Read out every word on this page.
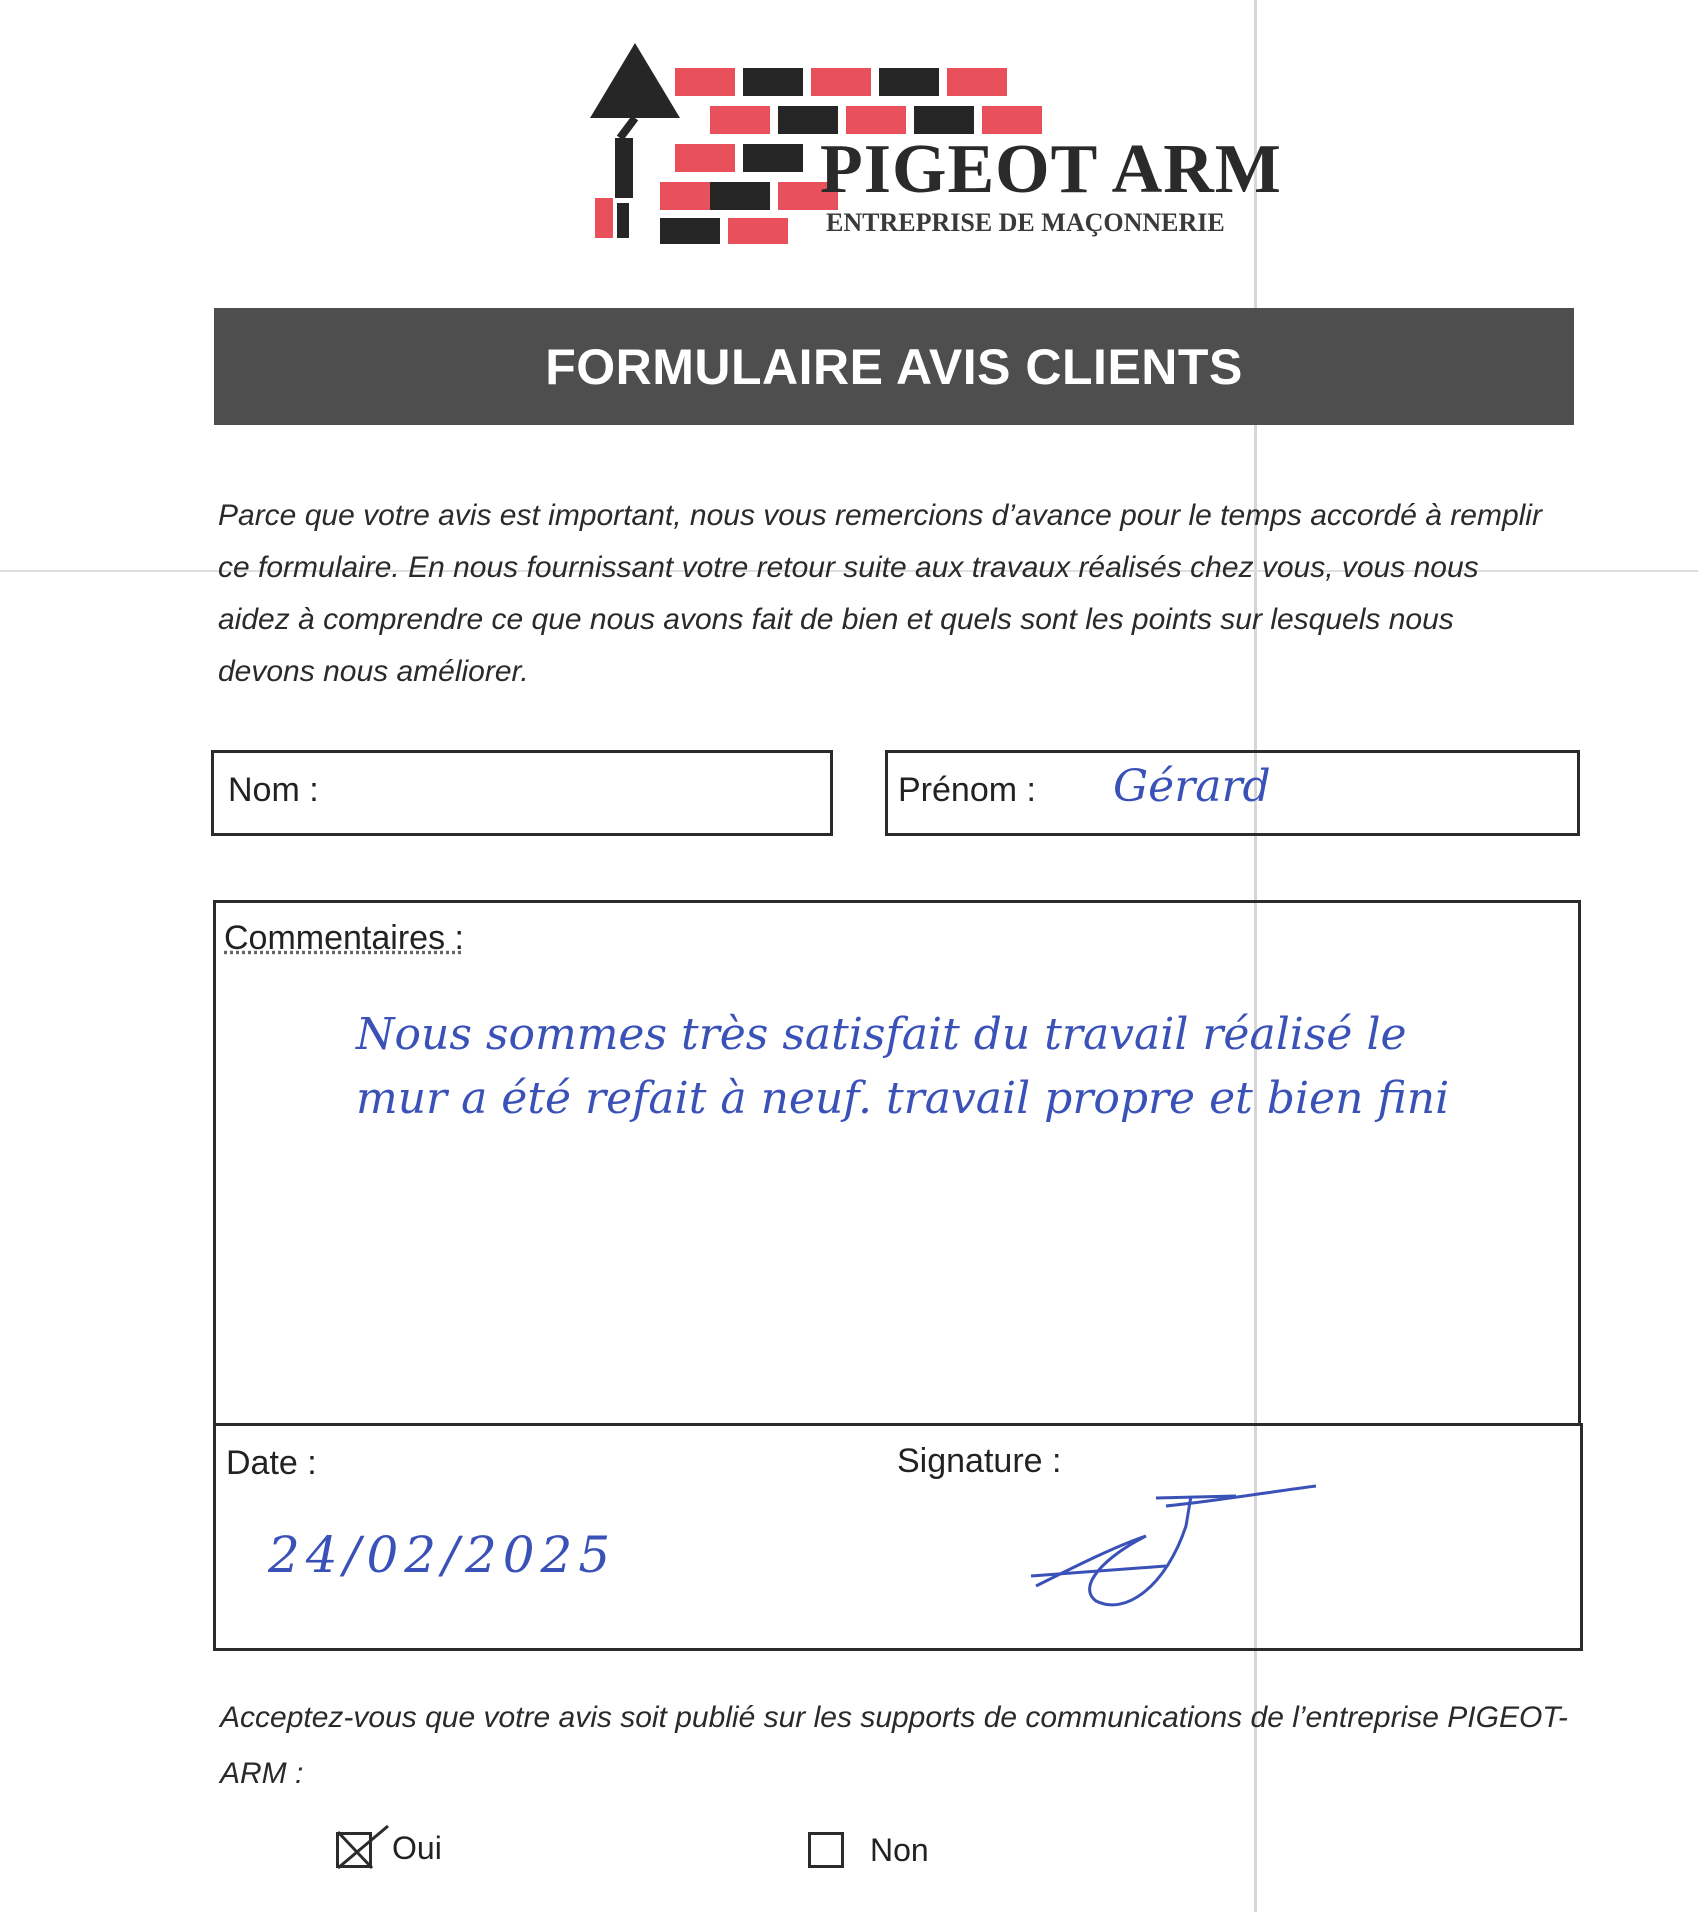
PIGEOT ARM
ENTREPRISE DE MAÇONNERIE
FORMULAIRE AVIS CLIENTS
Parce que votre avis est important, nous vous remercions d’avance pour le temps accordé à remplir ce formulaire. En nous fournissant votre retour suite aux travaux réalisés chez vous, vous nous aidez à comprendre ce que nous avons fait de bien et quels sont les points sur lesquels nous devons nous améliorer.
Nom :	Prénom : Gérard
Commentaires :
Nous sommes très satisfait du travail réalisé le mur a été refait à neuf. travail propre et bien fini
Date :
24/02/2025
Signature :
Acceptez-vous que votre avis soit publié sur les supports de communications de l’entreprise PIGEOT-ARM :
Oui	Non
